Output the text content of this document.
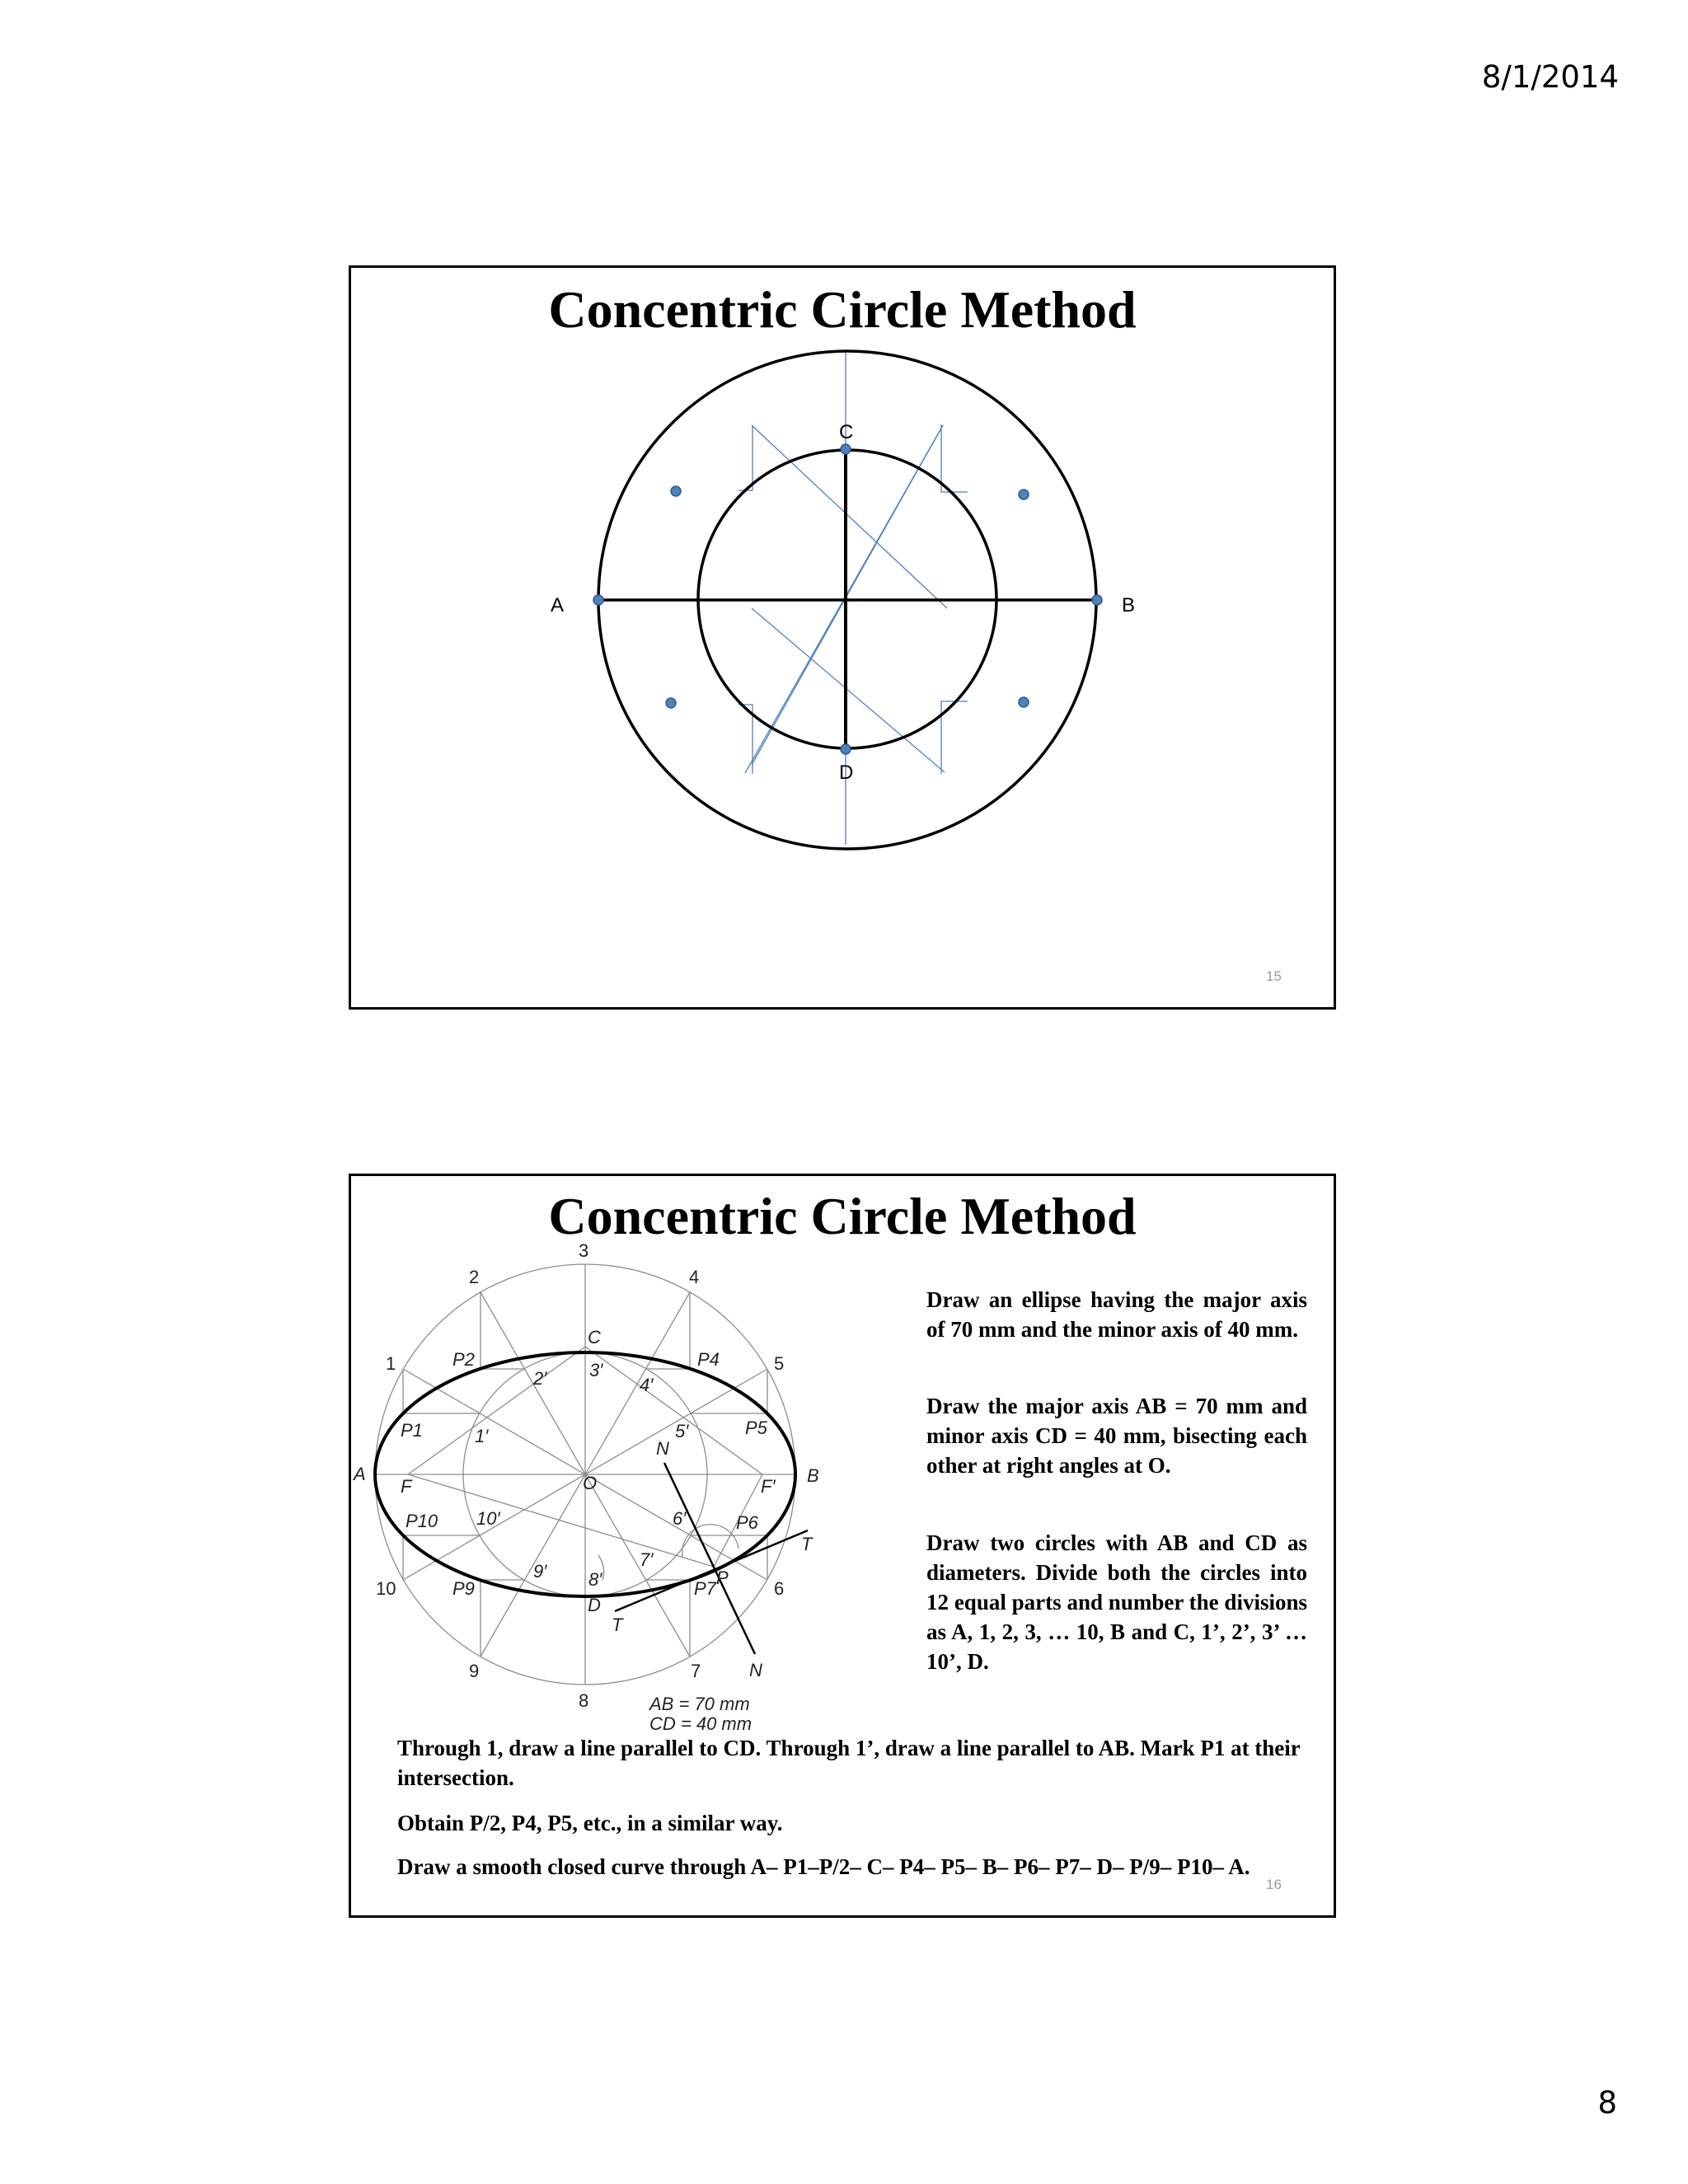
8/1/2014
Concentric Circle Method
A	B
C
D
15
Concentric Circle Method
1
2
3
4
5
6
7
8
9
10
1′
2′ 3′
4′
5′
6′
7′
8′
9′
10′
P1
P2	P4
P5
P6
P7
P9
P10
A	B
C
D
O
F	F′
P
N
N
T
T
AB = 70 mm
CD = 40 mm

Draw an ellipse having the major axis of 70 mm and the minor axis of 40 mm.

Draw the major axis AB = 70 mm and minor axis CD = 40 mm, bisecting each other at right angles at O.

Draw two circles with AB and CD as diameters. Divide both the circles into 12 equal parts and number the divisions as A, 1, 2, 3, … 10, B and C, 1’, 2’, 3’ … 10’, D.

Through 1, draw a line parallel to CD. Through 1’, draw a line parallel to AB. Mark P1 at their intersection.

Obtain P/2, P4, P5, etc., in a similar way.

Draw a smooth closed curve through A– P1–P/2– C– P4– P5– B– P6– P7– D– P/9– P10– A.

16
8
